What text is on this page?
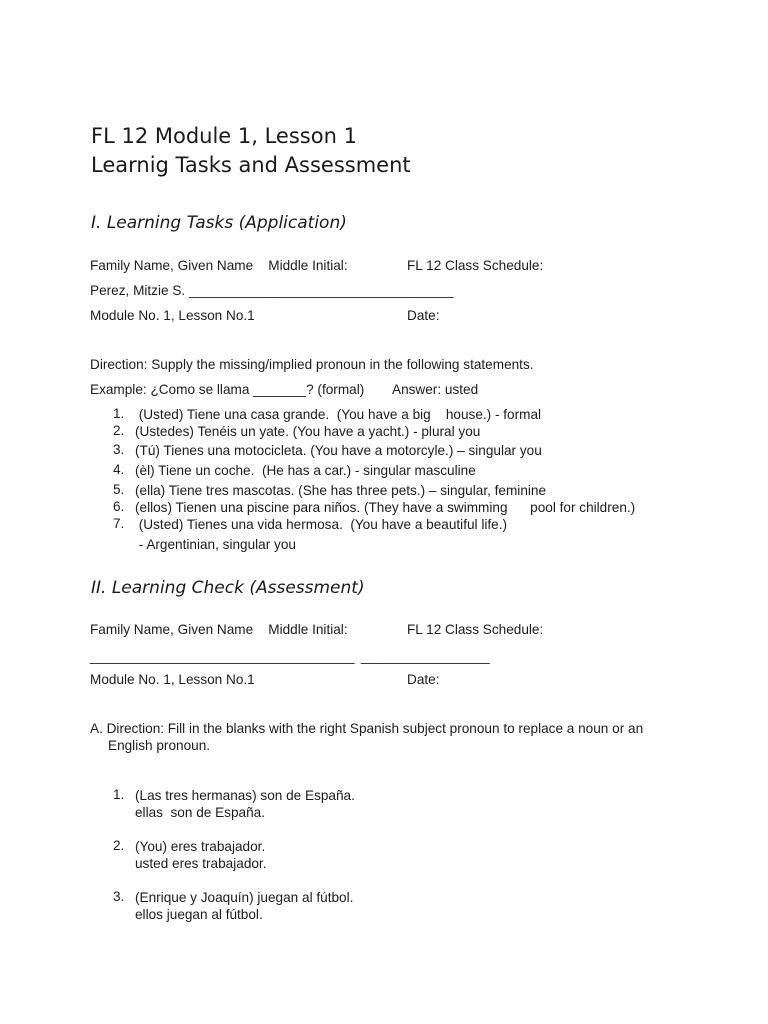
FL 12 Module 1, Lesson 1
Learnig Tasks and Assessment
I. Learning Tasks (Application)
Family Name, Given Name    Middle Initial:	FL 12 Class Schedule:
Perez, Mitzie S. ___________________________________
Module No. 1, Lesson No.1	Date:
Direction: Supply the missing/implied pronoun in the following statements.
Example: ¿Como se llama _______? (formal) Answer: usted
1. (Usted) Tiene una casa grande.  (You have a big    house.) - formal
2. (Ustedes) Tenéis un yate. (You have a yacht.) - plural you
3. (Tú) Tienes una motocicleta. (You have a motorcyle.) – singular you
4. (èl) Tiene un coche.  (He has a car.) - singular masculine
5. (ella) Tiene tres mascotas. (She has three pets.) – singular, feminine
6. (ellos) Tienen una piscine para niños. (They have a swimming      pool for children.)
7. (Usted) Tienes una vida hermosa.  (You have a beautiful life.)
- Argentinian, singular you
II. Learning Check (Assessment)
Family Name, Given Name    Middle Initial:	FL 12 Class Schedule:
___________________________________ _________________
Module No. 1, Lesson No.1	Date:
A. Direction: Fill in the blanks with the right Spanish subject pronoun to replace a noun or an
English pronoun.
1. (Las tres hermanas) son de España.
ellas  son de España.
2. (You) eres trabajador.
usted eres trabajador.
3. (Enrique y Joaquín) juegan al fútbol.
ellos juegan al fútbol.
